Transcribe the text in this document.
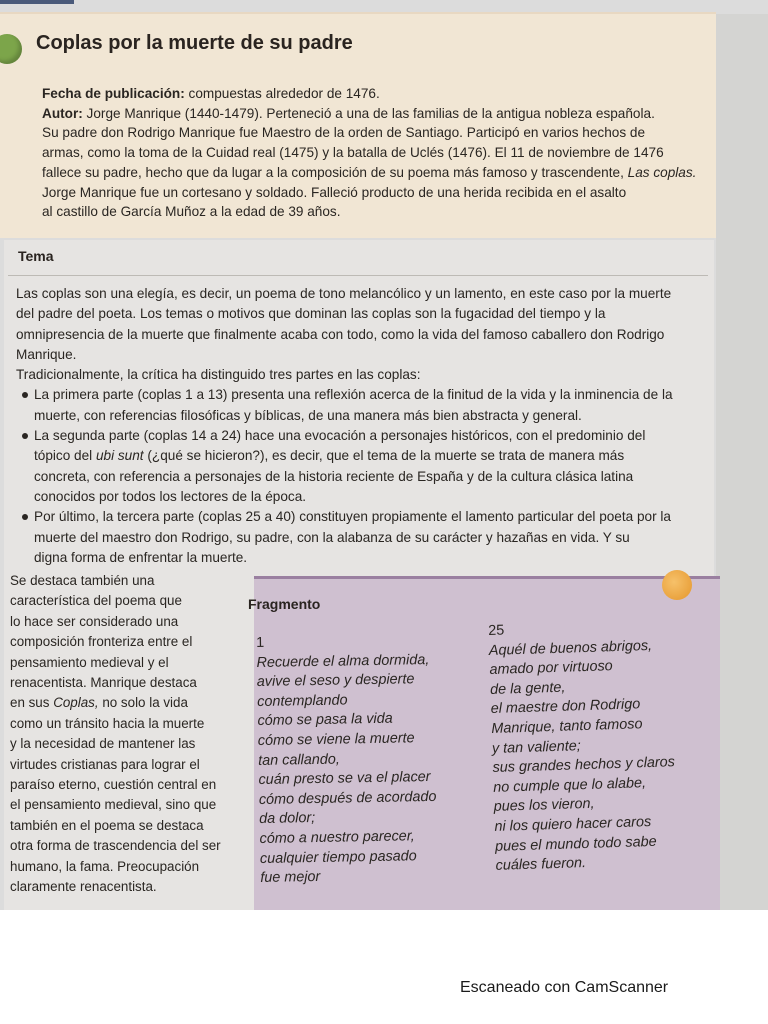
Coplas por la muerte de su padre
Fecha de publicación: compuestas alrededor de 1476.
Autor: Jorge Manrique (1440-1479). Perteneció a una de las familias de la antigua nobleza española.
Su padre don Rodrigo Manrique fue Maestro de la orden de Santiago. Participó en varios hechos de
armas, como la toma de la Cuidad real (1475) y la batalla de Uclés (1476). El 11 de noviembre de 1476
fallece su padre, hecho que da lugar a la composición de su poema más famoso y trascendente, Las coplas.
Jorge Manrique fue un cortesano y soldado. Falleció producto de una herida recibida en el asalto
al castillo de García Muñoz a la edad de 39 años.
Tema
Las coplas son una elegía, es decir, un poema de tono melancólico y un lamento, en este caso por la muerte
del padre del poeta. Los temas o motivos que dominan las coplas son la fugacidad del tiempo y la
omnipresencia de la muerte que finalmente acaba con todo, como la vida del famoso caballero don Rodrigo
Manrique.
Tradicionalmente, la crítica ha distinguido tres partes en las coplas:
La primera parte (coplas 1 a 13) presenta una reflexión acerca de la finitud de la vida y la inminencia de la
muerte, con referencias filosóficas y bíblicas, de una manera más bien abstracta y general.
La segunda parte (coplas 14 a 24) hace una evocación a personajes históricos, con el predominio del
tópico del ubi sunt (¿qué se hicieron?), es decir, que el tema de la muerte se trata de manera más
concreta, con referencia a personajes de la historia reciente de España y de la cultura clásica latina
conocidos por todos los lectores de la época.
Por último, la tercera parte (coplas 25 a 40) constituyen propiamente el lamento particular del poeta por la
muerte del maestro don Rodrigo, su padre, con la alabanza de su carácter y hazañas en vida. Y su
digna forma de enfrentar la muerte.
Se destaca también una
característica del poema que
lo hace ser considerado una
composición fronteriza entre el
pensamiento medieval y el
renacentista. Manrique destaca
en sus Coplas, no solo la vida
como un tránsito hacia la muerte
y la necesidad de mantener las
virtudes cristianas para lograr el
paraíso eterno, cuestión central en
el pensamiento medieval, sino que
también en el poema se destaca
otra forma de trascendencia del ser
humano, la fama. Preocupación
claramente renacentista.
Fragmento
1
Recuerde el alma dormida,
avive el seso y despierte
contemplando
cómo se pasa la vida
cómo se viene la muerte
tan callando,
cuán presto se va el placer
cómo después de acordado
da dolor;
cómo a nuestro parecer,
cualquier tiempo pasado
fue mejor
25
Aquél de buenos abrigos,
amado por virtuoso
de la gente,
el maestre don Rodrigo
Manrique, tanto famoso
y tan valiente;
sus grandes hechos y claros
no cumple que lo alabe,
pues los vieron,
ni los quiero hacer caros
pues el mundo todo sabe
cuáles fueron.
Escaneado con CamScanner
